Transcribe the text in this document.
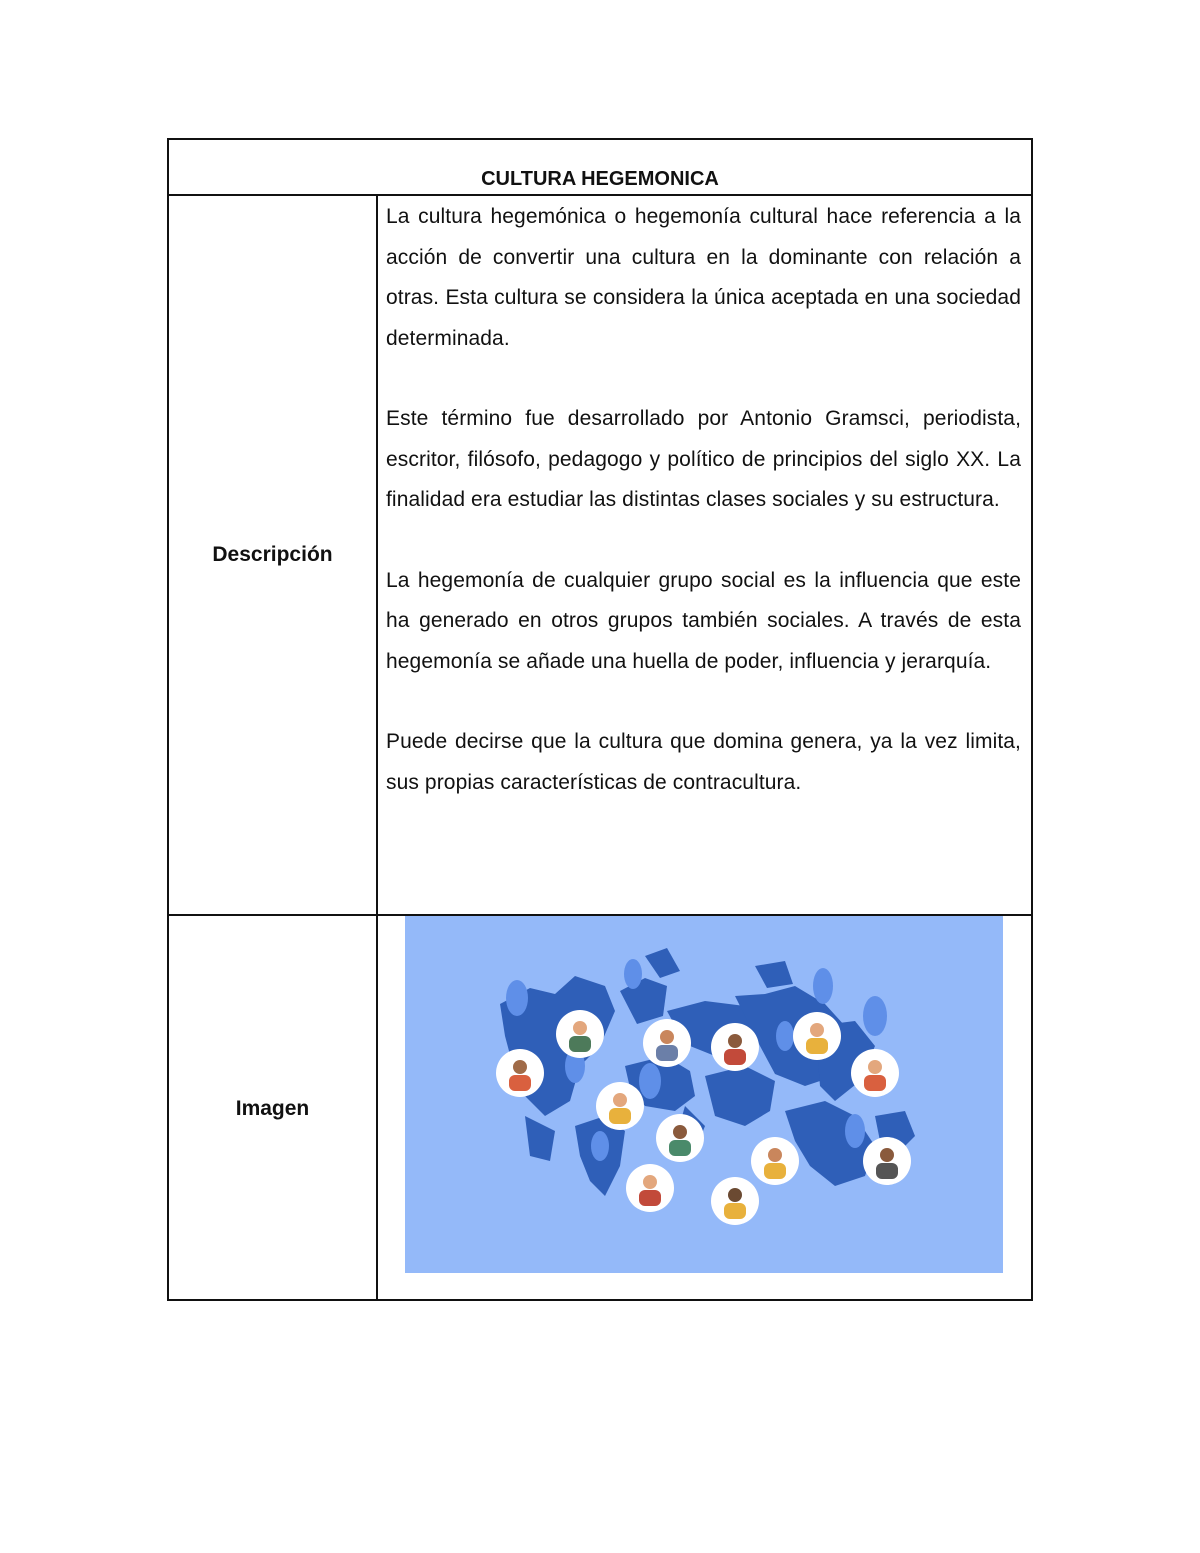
CULTURA HEGEMONICA
Descripción

La cultura hegemónica o hegemonía cultural hace referencia a la acción de convertir una cultura en la dominante con relación a otras. Esta cultura se considera la única aceptada en una sociedad determinada.

Este término fue desarrollado por Antonio Gramsci, periodista, escritor, filósofo, pedagogo y político de principios del siglo XX. La finalidad era estudiar las distintas clases sociales y su estructura.

La hegemonía de cualquier grupo social es la influencia que este ha generado en otros grupos también sociales. A través de esta hegemonía se añade una huella de poder, influencia y jerarquía.

Puede decirse que la cultura que domina genera, ya la vez limita, sus propias características de contracultura.

Imagen
